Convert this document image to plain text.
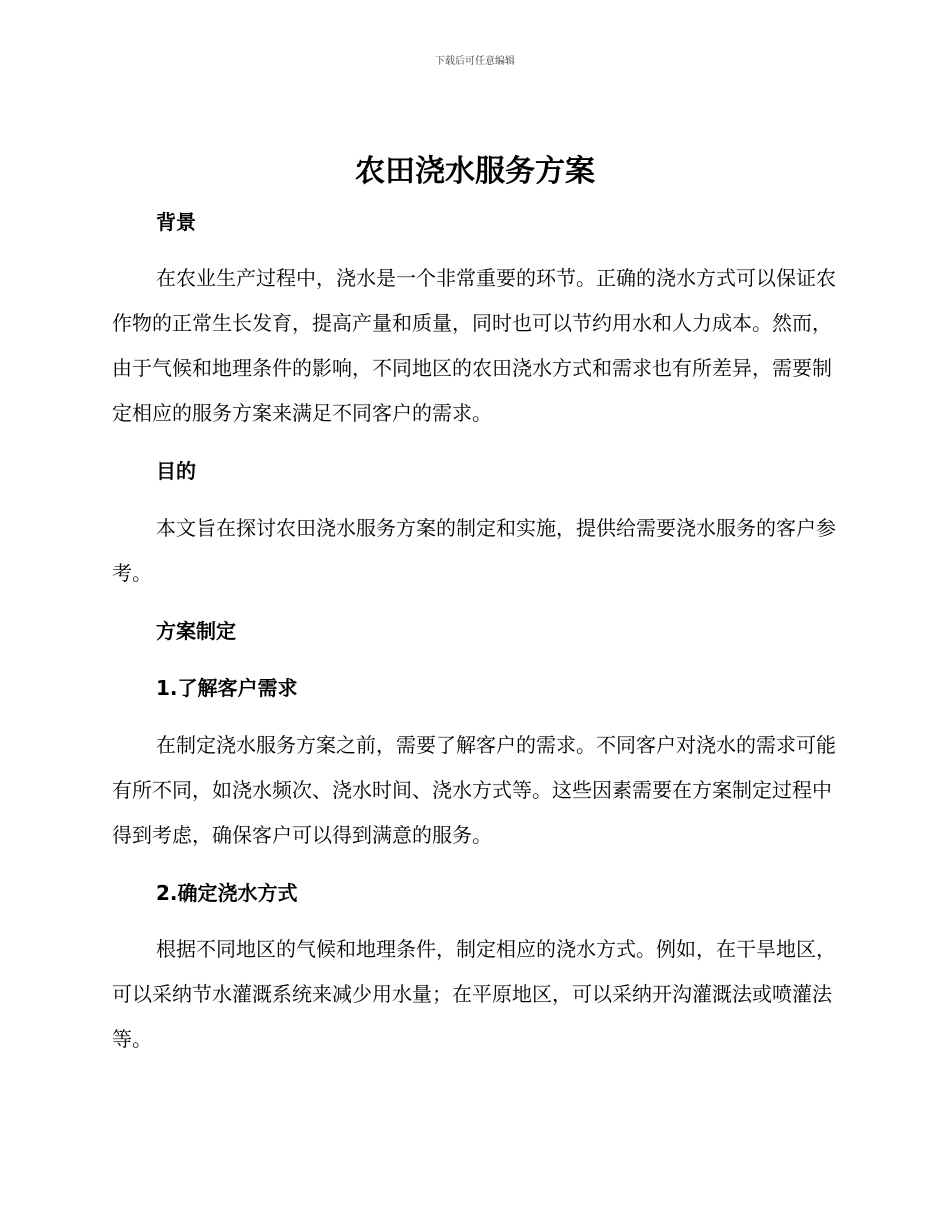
下载后可任意编辑
农田浇水服务方案
背景

在农业生产过程中，浇水是一个非常重要的环节。正确的浇水方式可以保证农作物的正常生长发育，提高产量和质量，同时也可以节约用水和人力成本。然而，由于气候和地理条件的影响，不同地区的农田浇水方式和需求也有所差异，需要制定相应的服务方案来满足不同客户的需求。

目的

本文旨在探讨农田浇水服务方案的制定和实施，提供给需要浇水服务的客户参考。

方案制定
1.了解客户需求

在制定浇水服务方案之前，需要了解客户的需求。不同客户对浇水的需求可能有所不同，如浇水频次、浇水时间、浇水方式等。这些因素需要在方案制定过程中得到考虑，确保客户可以得到满意的服务。

2.确定浇水方式

根据不同地区的气候和地理条件，制定相应的浇水方式。例如，在干旱地区，可以采纳节水灌溉系统来减少用水量；在平原地区，可以采纳开沟灌溉法或喷灌法等。
